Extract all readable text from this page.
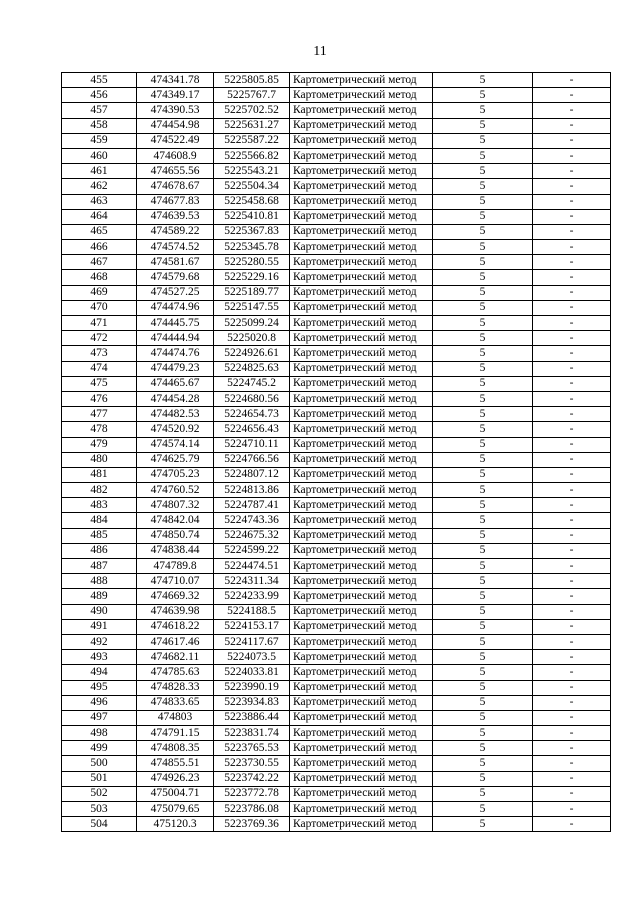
11
455	474341.78	5225805.85	Картометрический метод	5	-
456	474349.17	5225767.7	Картометрический метод	5	-
457	474390.53	5225702.52	Картометрический метод	5	-
458	474454.98	5225631.27	Картометрический метод	5	-
459	474522.49	5225587.22	Картометрический метод	5	-
460	474608.9	5225566.82	Картометрический метод	5	-
461	474655.56	5225543.21	Картометрический метод	5	-
462	474678.67	5225504.34	Картометрический метод	5	-
463	474677.83	5225458.68	Картометрический метод	5	-
464	474639.53	5225410.81	Картометрический метод	5	-
465	474589.22	5225367.83	Картометрический метод	5	-
466	474574.52	5225345.78	Картометрический метод	5	-
467	474581.67	5225280.55	Картометрический метод	5	-
468	474579.68	5225229.16	Картометрический метод	5	-
469	474527.25	5225189.77	Картометрический метод	5	-
470	474474.96	5225147.55	Картометрический метод	5	-
471	474445.75	5225099.24	Картометрический метод	5	-
472	474444.94	5225020.8	Картометрический метод	5	-
473	474474.76	5224926.61	Картометрический метод	5	-
474	474479.23	5224825.63	Картометрический метод	5	-
475	474465.67	5224745.2	Картометрический метод	5	-
476	474454.28	5224680.56	Картометрический метод	5	-
477	474482.53	5224654.73	Картометрический метод	5	-
478	474520.92	5224656.43	Картометрический метод	5	-
479	474574.14	5224710.11	Картометрический метод	5	-
480	474625.79	5224766.56	Картометрический метод	5	-
481	474705.23	5224807.12	Картометрический метод	5	-
482	474760.52	5224813.86	Картометрический метод	5	-
483	474807.32	5224787.41	Картометрический метод	5	-
484	474842.04	5224743.36	Картометрический метод	5	-
485	474850.74	5224675.32	Картометрический метод	5	-
486	474838.44	5224599.22	Картометрический метод	5	-
487	474789.8	5224474.51	Картометрический метод	5	-
488	474710.07	5224311.34	Картометрический метод	5	-
489	474669.32	5224233.99	Картометрический метод	5	-
490	474639.98	5224188.5	Картометрический метод	5	-
491	474618.22	5224153.17	Картометрический метод	5	-
492	474617.46	5224117.67	Картометрический метод	5	-
493	474682.11	5224073.5	Картометрический метод	5	-
494	474785.63	5224033.81	Картометрический метод	5	-
495	474828.33	5223990.19	Картометрический метод	5	-
496	474833.65	5223934.83	Картометрический метод	5	-
497	474803	5223886.44	Картометрический метод	5	-
498	474791.15	5223831.74	Картометрический метод	5	-
499	474808.35	5223765.53	Картометрический метод	5	-
500	474855.51	5223730.55	Картометрический метод	5	-
501	474926.23	5223742.22	Картометрический метод	5	-
502	475004.71	5223772.78	Картометрический метод	5	-
503	475079.65	5223786.08	Картометрический метод	5	-
504	475120.3	5223769.36	Картометрический метод	5	-
